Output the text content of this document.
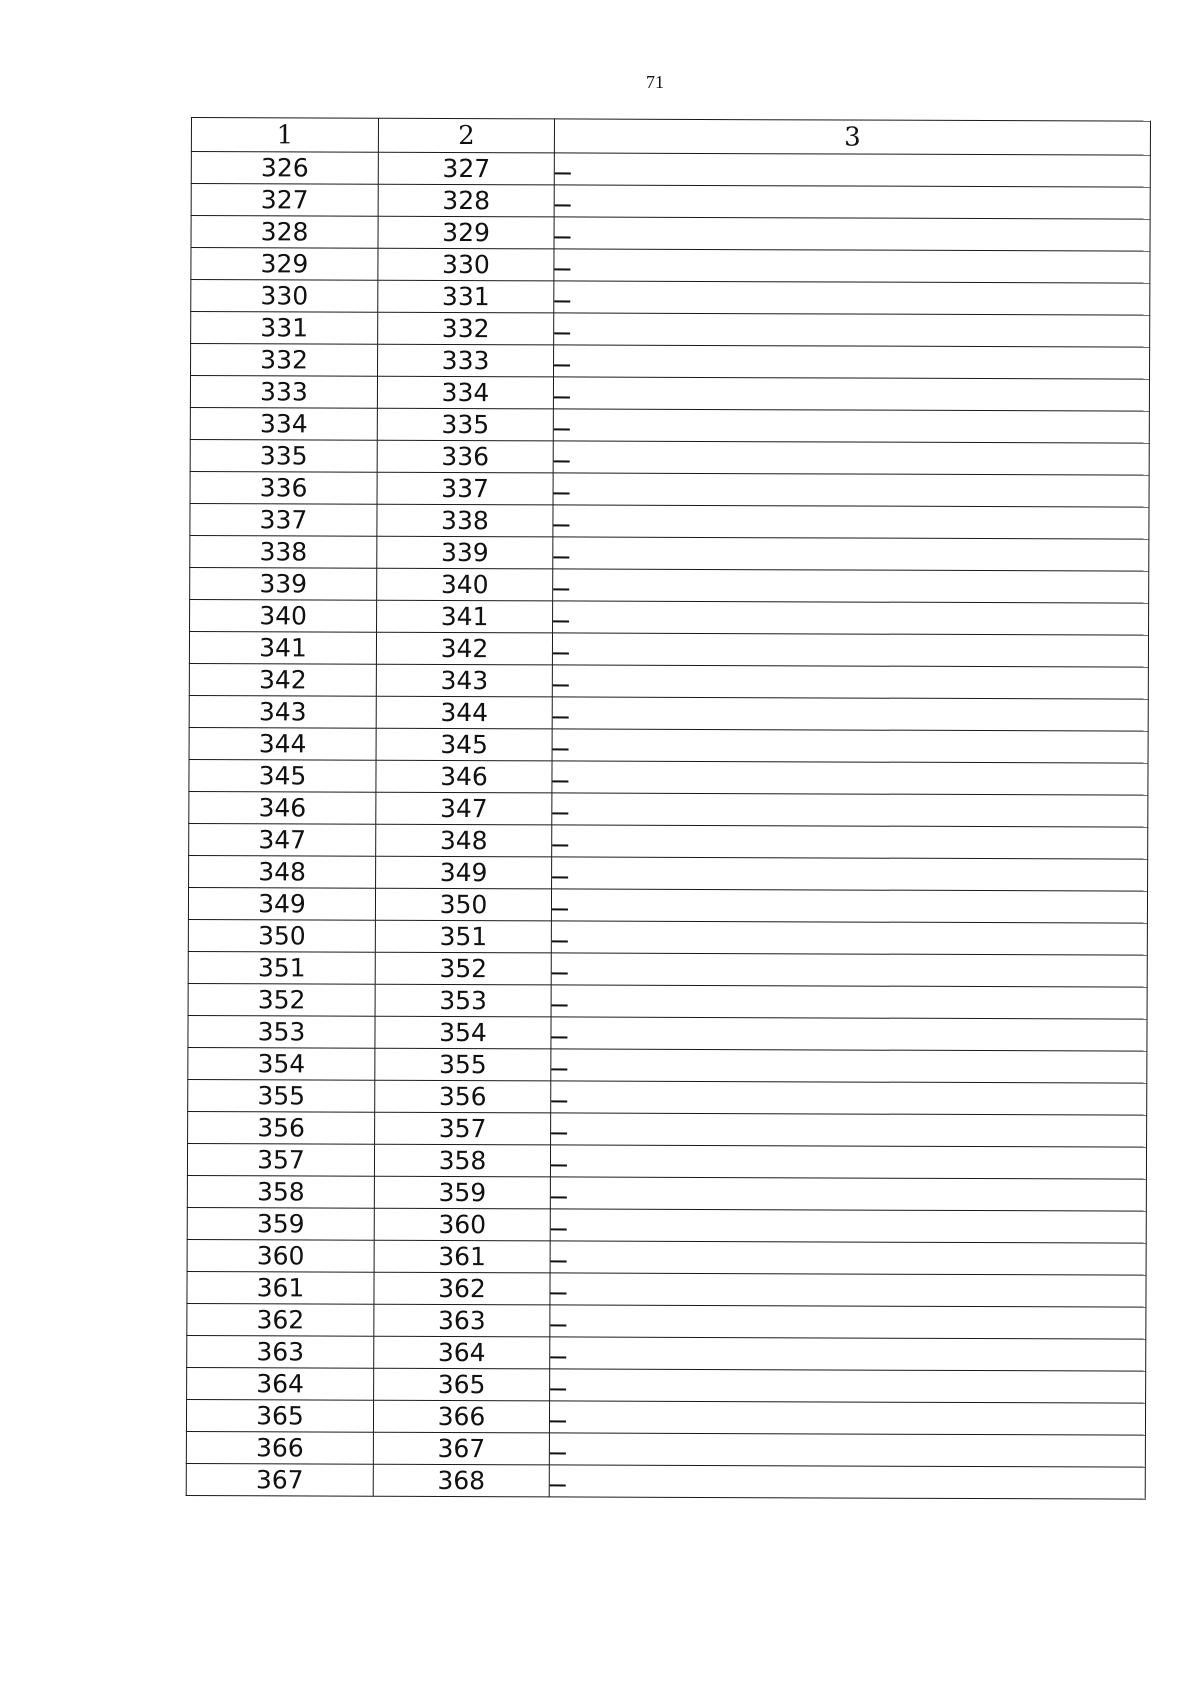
71
1	2	3
326	327	
327	328	
328	329	
329	330	
330	331	
331	332	
332	333	
333	334	
334	335	
335	336	
336	337	
337	338	
338	339	
339	340	
340	341	
341	342	
342	343	
343	344	
344	345	
345	346	
346	347	
347	348	
348	349	
349	350	
350	351	
351	352	
352	353	
353	354	
354	355	
355	356	
356	357	
357	358	
358	359	
359	360	
360	361	
361	362	
362	363	
363	364	
364	365	
365	366	
366	367	
367	368	
